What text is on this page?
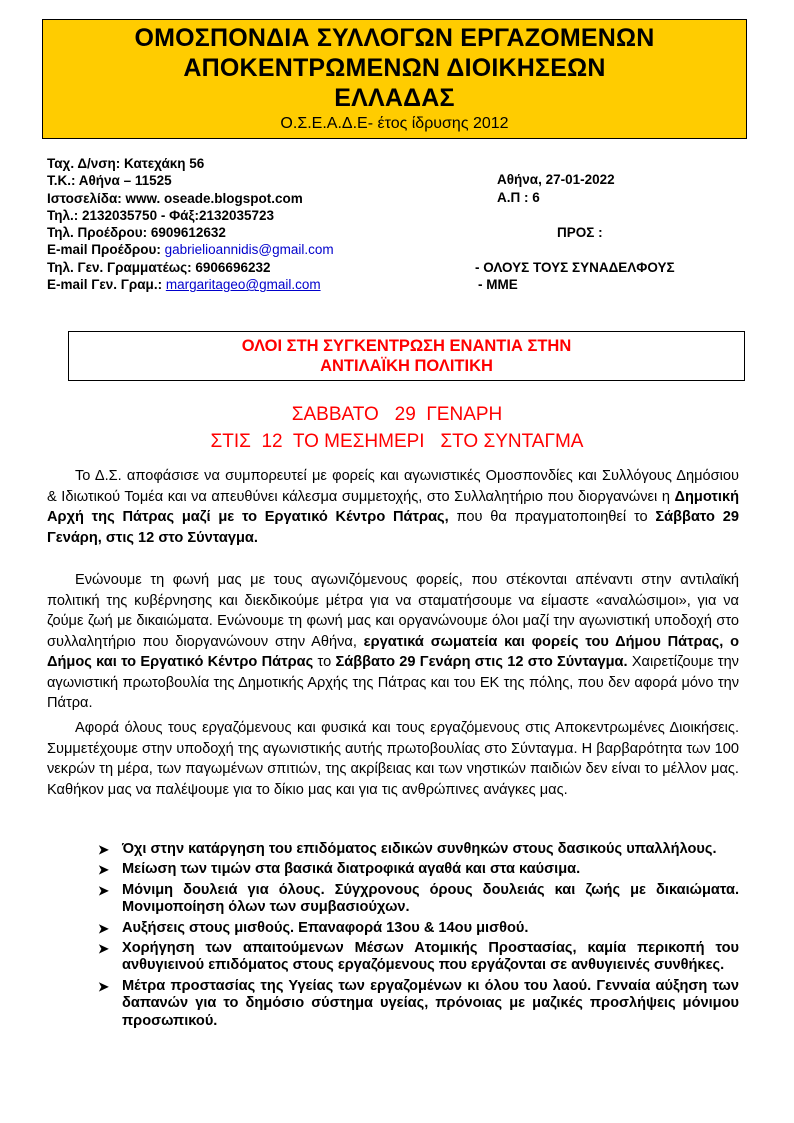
ΟΜΟΣΠΟΝΔΙΑ ΣΥΛΛΟΓΩΝ ΕΡΓΑΖΟΜΕΝΩΝ
ΑΠΟΚΕΝΤΡΩΜΕΝΩΝ ΔΙΟΙΚΗΣΕΩΝ
ΕΛΛΑΔΑΣ
Ο.Σ.Ε.Α.Δ.Ε- έτος ίδρυσης 2012
Ταχ. Δ/νση: Κατεχάκη 56
Τ.Κ.: Αθήνα – 11525
Ιστοσελίδα: www. oseade.blogspot.com
Τηλ.: 2132035750 - Φάξ:2132035723
Τηλ. Προέδρου: 6909612632
E-mail Προέδρου: gabrielioannidis@gmail.com
Τηλ. Γεν. Γραμματέως: 6906696232
E-mail Γεν. Γραμ.: margaritageo@gmail.com
Αθήνα, 27-01-2022
Α.Π : 6
ΠΡΟΣ :
- ΟΛΟΥΣ ΤΟΥΣ ΣΥΝΑΔΕΛΦΟΥΣ
- ΜΜΕ
ΟΛΟΙ ΣΤΗ ΣΥΓΚΕΝΤΡΩΣΗ ΕΝΑΝΤΙΑ ΣΤΗΝ
ΑΝΤΙΛΑΪΚΗ ΠΟΛΙΤΙΚΗ
ΣΑΒΒΑΤΟ   29  ΓΕΝΑΡΗ
ΣΤΙΣ  12  ΤΟ ΜΕΣΗΜΕΡΙ   ΣΤΟ ΣΥΝΤΑΓΜΑ
Το Δ.Σ. αποφάσισε να συμπορευτεί με φορείς και αγωνιστικές Ομοσπονδίες και Συλλόγους Δημόσιου & Ιδιωτικού Τομέα και να απευθύνει κάλεσμα συμμετοχής, στο Συλλαλητήριο που διοργανώνει η Δημοτική Αρχή της Πάτρας μαζί με το Εργατικό Κέντρο Πάτρας, που θα πραγματοποιηθεί το Σάββατο 29 Γενάρη, στις 12 στο Σύνταγμα.
Ενώνουμε τη φωνή μας με τους αγωνιζόμενους φορείς, που στέκονται απέναντι στην αντιλαϊκή πολιτική της κυβέρνησης και διεκδικούμε μέτρα για να σταματήσουμε να είμαστε «αναλώσιμοι», για να ζούμε ζωή με δικαιώματα. Ενώνουμε τη φωνή μας και οργανώνουμε όλοι μαζί την αγωνιστική υποδοχή στο συλλαλητήριο που διοργανώνουν στην Αθήνα, εργατικά σωματεία και φορείς του Δήμου Πάτρας, ο Δήμος και το Εργατικό Κέντρο Πάτρας το Σάββατο 29 Γενάρη στις 12 στο Σύνταγμα. Χαιρετίζουμε την αγωνιστική πρωτοβουλία της Δημοτικής Αρχής της Πάτρας και του ΕΚ της πόλης, που δεν αφορά μόνο την Πάτρα.
Αφορά όλους τους εργαζόμενους και φυσικά και τους εργαζόμενους στις Αποκεντρωμένες Διοικήσεις. Συμμετέχουμε στην υποδοχή της αγωνιστικής αυτής πρωτοβουλίας στο Σύνταγμα. Η βαρβαρότητα των 100 νεκρών τη μέρα, των παγωμένων σπιτιών, της ακρίβειας και των νηστικών παιδιών δεν είναι το μέλλον μας. Καθήκον μας να παλέψουμε για το δίκιο μας και για τις ανθρώπινες ανάγκες μας.
➤ Όχι στην κατάργηση του επιδόματος ειδικών συνθηκών στους δασικούς υπαλλήλους.
➤ Μείωση των τιμών στα βασικά διατροφικά αγαθά και στα καύσιμα.
➤ Μόνιμη δουλειά για όλους. Σύγχρονους όρους δουλειάς και ζωής με δικαιώματα. Μονιμοποίηση όλων των συμβασιούχων.
➤ Αυξήσεις στους μισθούς. Επαναφορά 13ου & 14ου μισθού.
➤ Χορήγηση των απαιτούμενων Μέσων Ατομικής Προστασίας, καμία περικοπή του ανθυγιεινού επιδόματος στους εργαζόμενους που εργάζονται σε ανθυγιεινές συνθήκες.
➤ Μέτρα προστασίας της Υγείας των εργαζομένων κι όλου του λαού. Γενναία αύξηση των δαπανών για το δημόσιο σύστημα υγείας, πρόνοιας με μαζικές προσλήψεις μόνιμου προσωπικού.
